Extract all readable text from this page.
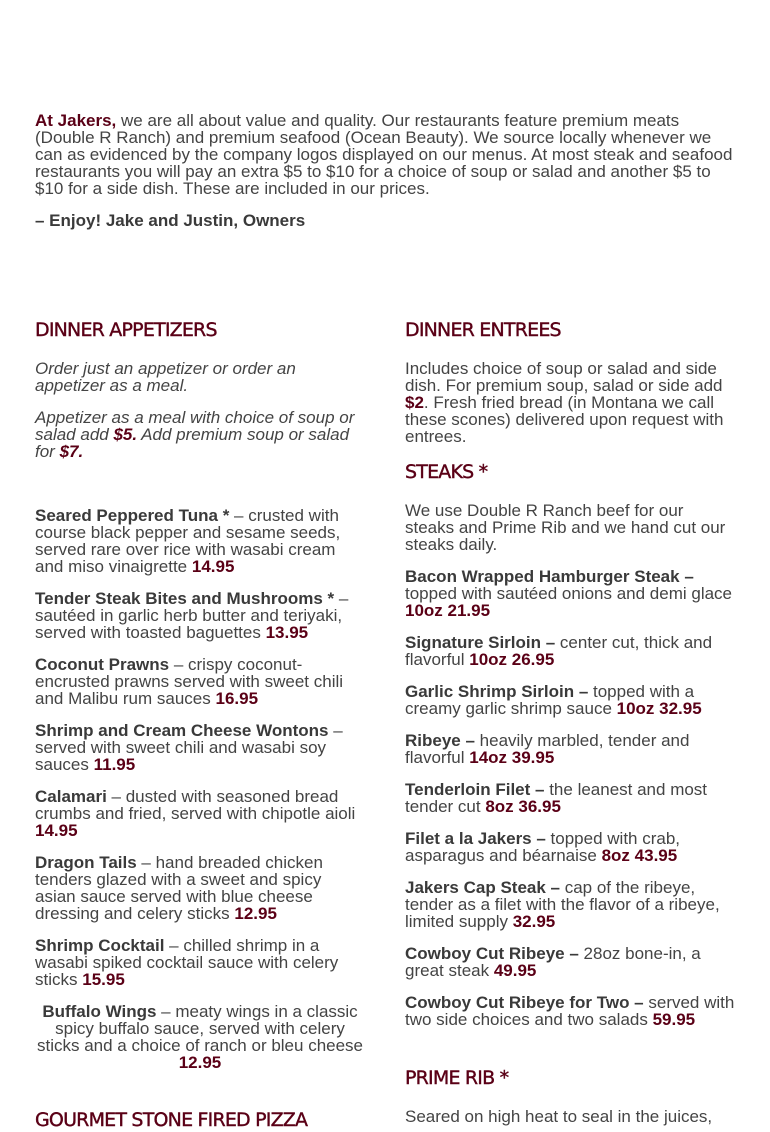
At Jakers, we are all about value and quality. Our restaurants feature premium meats (Double R Ranch) and premium seafood (Ocean Beauty). We source locally whenever we can as evidenced by the company logos displayed on our menus. At most steak and seafood restaurants you will pay an extra $5 to $10 for a choice of soup or salad and another $5 to $10 for a side dish. These are included in our prices.

– Enjoy! Jake and Justin, Owners

DINNER APPETIZERS

Order just an appetizer or order an appetizer as a meal.

Appetizer as a meal with choice of soup or salad add $5. Add premium soup or salad for $7.

Seared Peppered Tuna * – crusted with course black pepper and sesame seeds, served rare over rice with wasabi cream and miso vinaigrette 14.95

Tender Steak Bites and Mushrooms * – sautéed in garlic herb butter and teriyaki, served with toasted baguettes 13.95

Coconut Prawns – crispy coconut-encrusted prawns served with sweet chili and Malibu rum sauces 16.95

Shrimp and Cream Cheese Wontons – served with sweet chili and wasabi soy sauces 11.95

Calamari – dusted with seasoned bread crumbs and fried, served with chipotle aioli 14.95

Dragon Tails – hand breaded chicken tenders glazed with a sweet and spicy asian sauce served with blue cheese dressing and celery sticks 12.95

Shrimp Cocktail – chilled shrimp in a wasabi spiked cocktail sauce with celery sticks 15.95

Buffalo Wings – meaty wings in a classic spicy buffalo sauce, served with celery sticks and a choice of ranch or bleu cheese 12.95

GOURMET STONE FIRED PIZZA
DINNER ENTREES

Includes choice of soup or salad and side dish. For premium soup, salad or side add $2. Fresh fried bread (in Montana we call these scones) delivered upon request with entrees.

STEAKS *

We use Double R Ranch beef for our steaks and Prime Rib and we hand cut our steaks daily.

Bacon Wrapped Hamburger Steak – topped with sautéed onions and demi glace 10oz 21.95

Signature Sirloin – center cut, thick and flavorful 10oz 26.95

Garlic Shrimp Sirloin – topped with a creamy garlic shrimp sauce 10oz 32.95

Ribeye – heavily marbled, tender and flavorful 14oz 39.95

Tenderloin Filet – the leanest and most tender cut 8oz 36.95

Filet a la Jakers – topped with crab, asparagus and béarnaise 8oz 43.95

Jakers Cap Steak – cap of the ribeye, tender as a filet with the flavor of a ribeye, limited supply 32.95

Cowboy Cut Ribeye – 28oz bone-in, a great steak 49.95

Cowboy Cut Ribeye for Two – served with two side choices and two salads 59.95

PRIME RIB *

Seared on high heat to seal in the juices,
